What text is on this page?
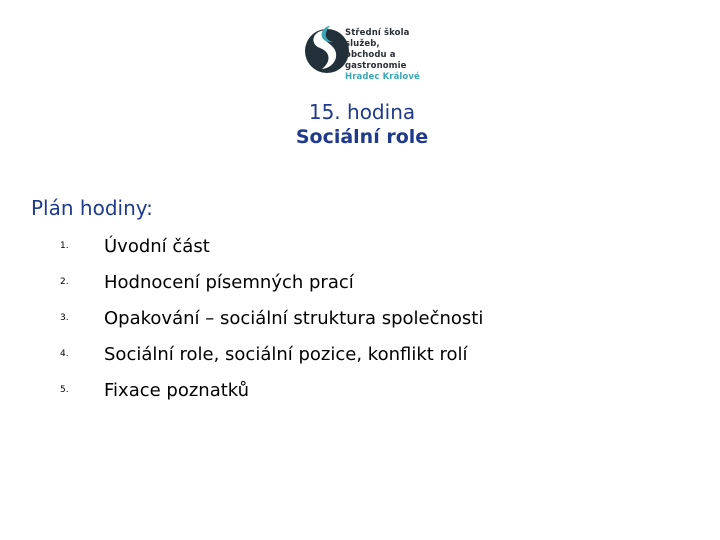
Střední škola služeb,
obchodu a gastronomie
Hradec Králové
15. hodina
Sociální role
Plán hodiny:
1.	Úvodní část
2.	Hodnocení písemných prací
3.	Opakování – sociální struktura společnosti
4.	Sociální role, sociální pozice, konflikt rolí
5.	Fixace poznatků
